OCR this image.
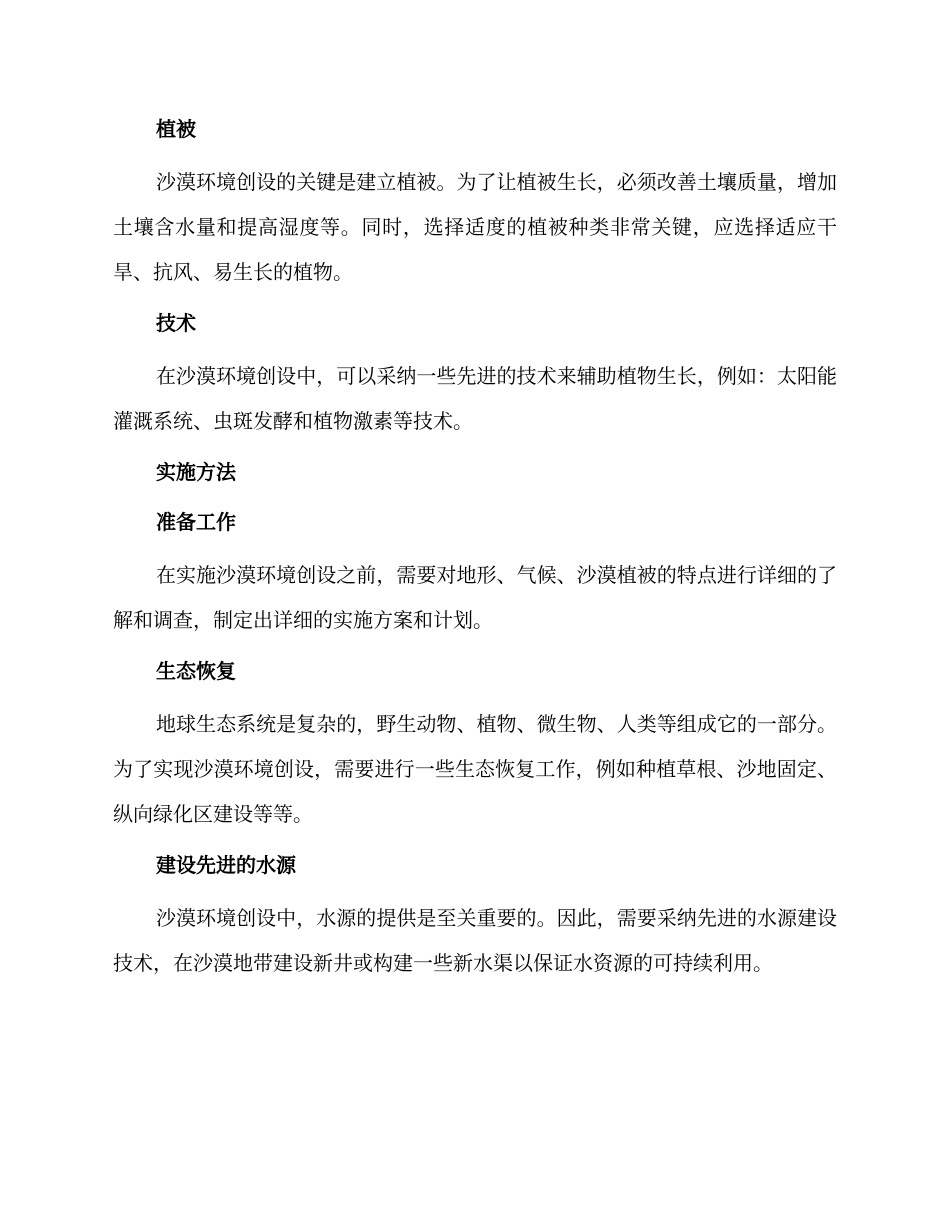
植被
沙漠环境创设的关键是建立植被。为了让植被生长，必须改善土壤质量，增加土壤含水量和提高湿度等。同时，选择适度的植被种类非常关键，应选择适应干旱、抗风、易生长的植物。
技术
在沙漠环境创设中，可以采纳一些先进的技术来辅助植物生长，例如：太阳能灌溉系统、虫斑发酵和植物激素等技术。
实施方法
准备工作
在实施沙漠环境创设之前，需要对地形、气候、沙漠植被的特点进行详细的了解和调查，制定出详细的实施方案和计划。
生态恢复
地球生态系统是复杂的，野生动物、植物、微生物、人类等组成它的一部分。为了实现沙漠环境创设，需要进行一些生态恢复工作，例如种植草根、沙地固定、纵向绿化区建设等等。
建设先进的水源
沙漠环境创设中，水源的提供是至关重要的。因此，需要采纳先进的水源建设技术，在沙漠地带建设新井或构建一些新水渠以保证水资源的可持续利用。
